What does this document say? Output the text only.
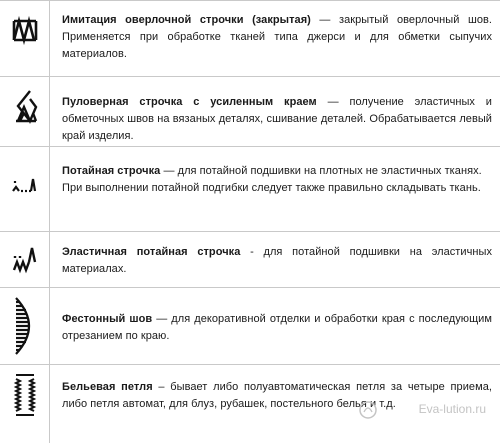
Имитация оверлочной строчки (закрытая) — закрытый оверлочный шов. Применяется при обработке тканей типа джерси и для обметки сыпучих материалов.
Пуловерная строчка с усиленным краем — получение эластичных и обметочных швов на вязаных деталях, сшивание деталей. Обрабатывается левый край изделия.
Потайная строчка — для потайной подшивки на плотных не эластичных тканях.
При выполнении потайной подгибки следует также правильно складывать ткань.
Эластичная потайная строчка - для потайной подшивки на эластичных материалах.
Фестонный шов — для декоративной отделки и обработки края с последующим отрезанием по краю.
Бельевая петля – бывает либо полуавтоматическая петля за четыре приема, либо петля автомат, для блуз, рубашек, постельного белья и т.д.	Eva-lution.ru
